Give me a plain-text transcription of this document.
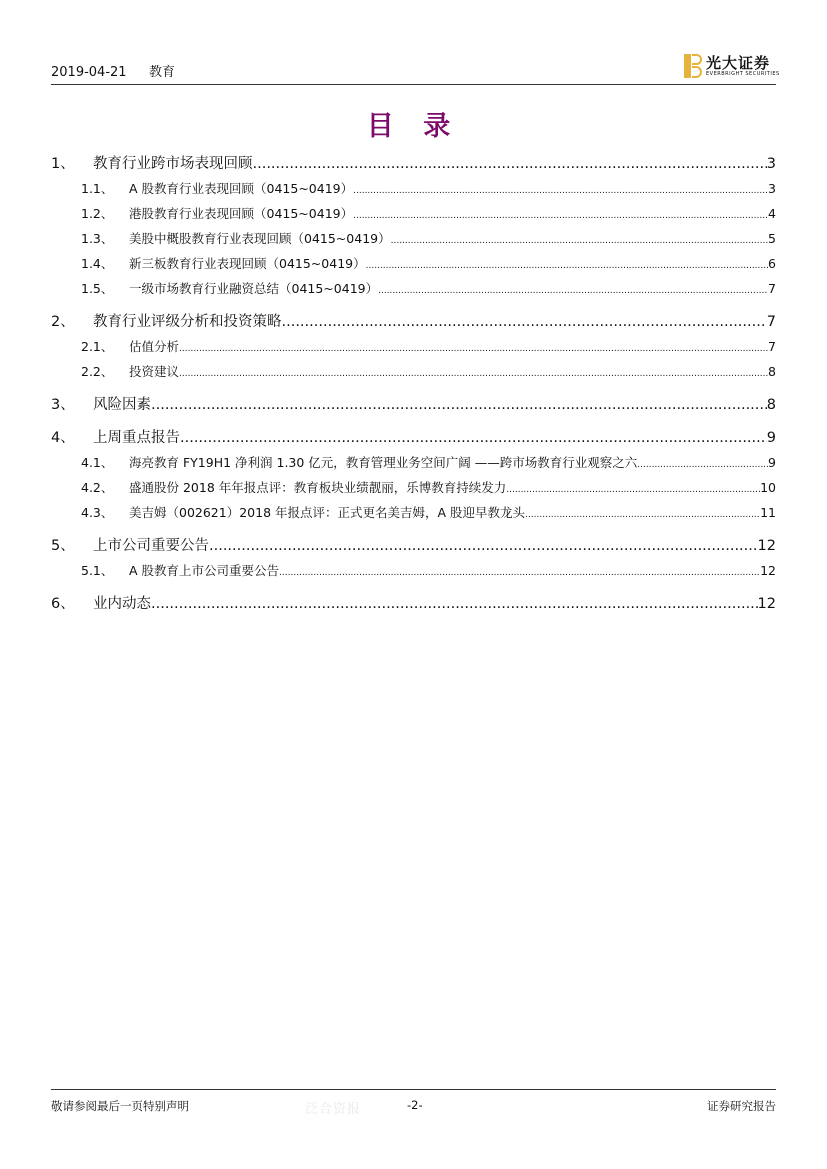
2019-04-21 教育
光大证券
EVERBRIGHT SECURITIES
目 录
1、	教育行业跨市场表现回顾 .....	3
1.1、	A 股教育行业表现回顾（0415~0419） .....	3
1.2、	港股教育行业表现回顾（0415~0419） .....	4
1.3、	美股中概股教育行业表现回顾（0415~0419） .....	5
1.4、	新三板教育行业表现回顾（0415~0419） .....	6
1.5、	一级市场教育行业融资总结（0415~0419） .....	7
2、	教育行业评级分析和投资策略 .....	7
2.1、	估值分析 .....	7
2.2、	投资建议 .....	8
3、	风险因素 .....	8
4、	上周重点报告 .....	9
4.1、	海亮教育 FY19H1 净利润 1.30 亿元，教育管理业务空间广阔 ——跨市场教育行业观察之六 .....	9
4.2、	盛通股份 2018 年年报点评：教育板块业绩靓丽，乐博教育持续发力 .....	10
4.3、	美吉姆（002621）2018 年报点评：正式更名美吉姆，A 股迎早教龙头 .....	11
5、	上市公司重要公告 .....	12
5.1、	A 股教育上市公司重要公告 .....	12
6、	业内动态 .....	12
敬请参阅最后一页特别声明	泛合资报	-2-	证券研究报告
